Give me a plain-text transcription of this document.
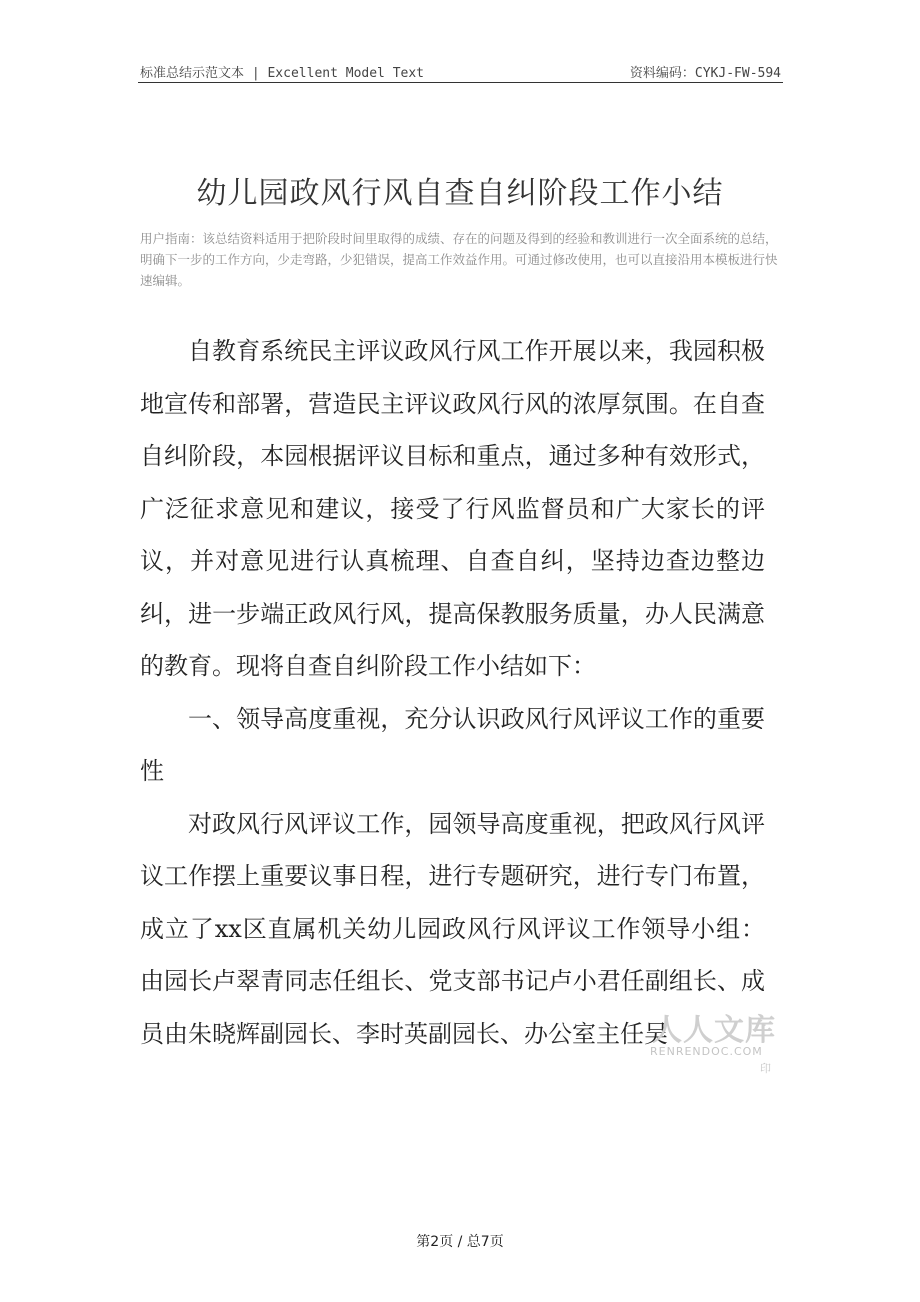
标准总结示范文本 | Excellent Model Text	资料编码：CYKJ-FW-594
幼儿园政风行风自查自纠阶段工作小结
用户指南：该总结资料适用于把阶段时间里取得的成绩、存在的问题及得到的经验和教训进行一次全面系统的总结，明确下一步的工作方向，少走弯路，少犯错误，提高工作效益作用。可通过修改使用，也可以直接沿用本模板进行快速编辑。

自教育系统民主评议政风行风工作开展以来，我园积极地宣传和部署，营造民主评议政风行风的浓厚氛围。在自查自纠阶段，本园根据评议目标和重点，通过多种有效形式，广泛征求意见和建议，接受了行风监督员和广大家长的评议，并对意见进行认真梳理、自查自纠，坚持边查边整边纠，进一步端正政风行风，提高保教服务质量，办人民满意的教育。现将自查自纠阶段工作小结如下：

一、领导高度重视，充分认识政风行风评议工作的重要性

对政风行风评议工作，园领导高度重视，把政风行风评议工作摆上重要议事日程，进行专题研究，进行专门布置，成立了xx区直属机关幼儿园政风行风评议工作领导小组：由园长卢翠青同志任组长、党支部书记卢小君任副组长、成员由朱晓辉副园长、李时英副园长、办公室主任吴

人人文库
RENRENDOC.COM
印
第2页 / 总7页
